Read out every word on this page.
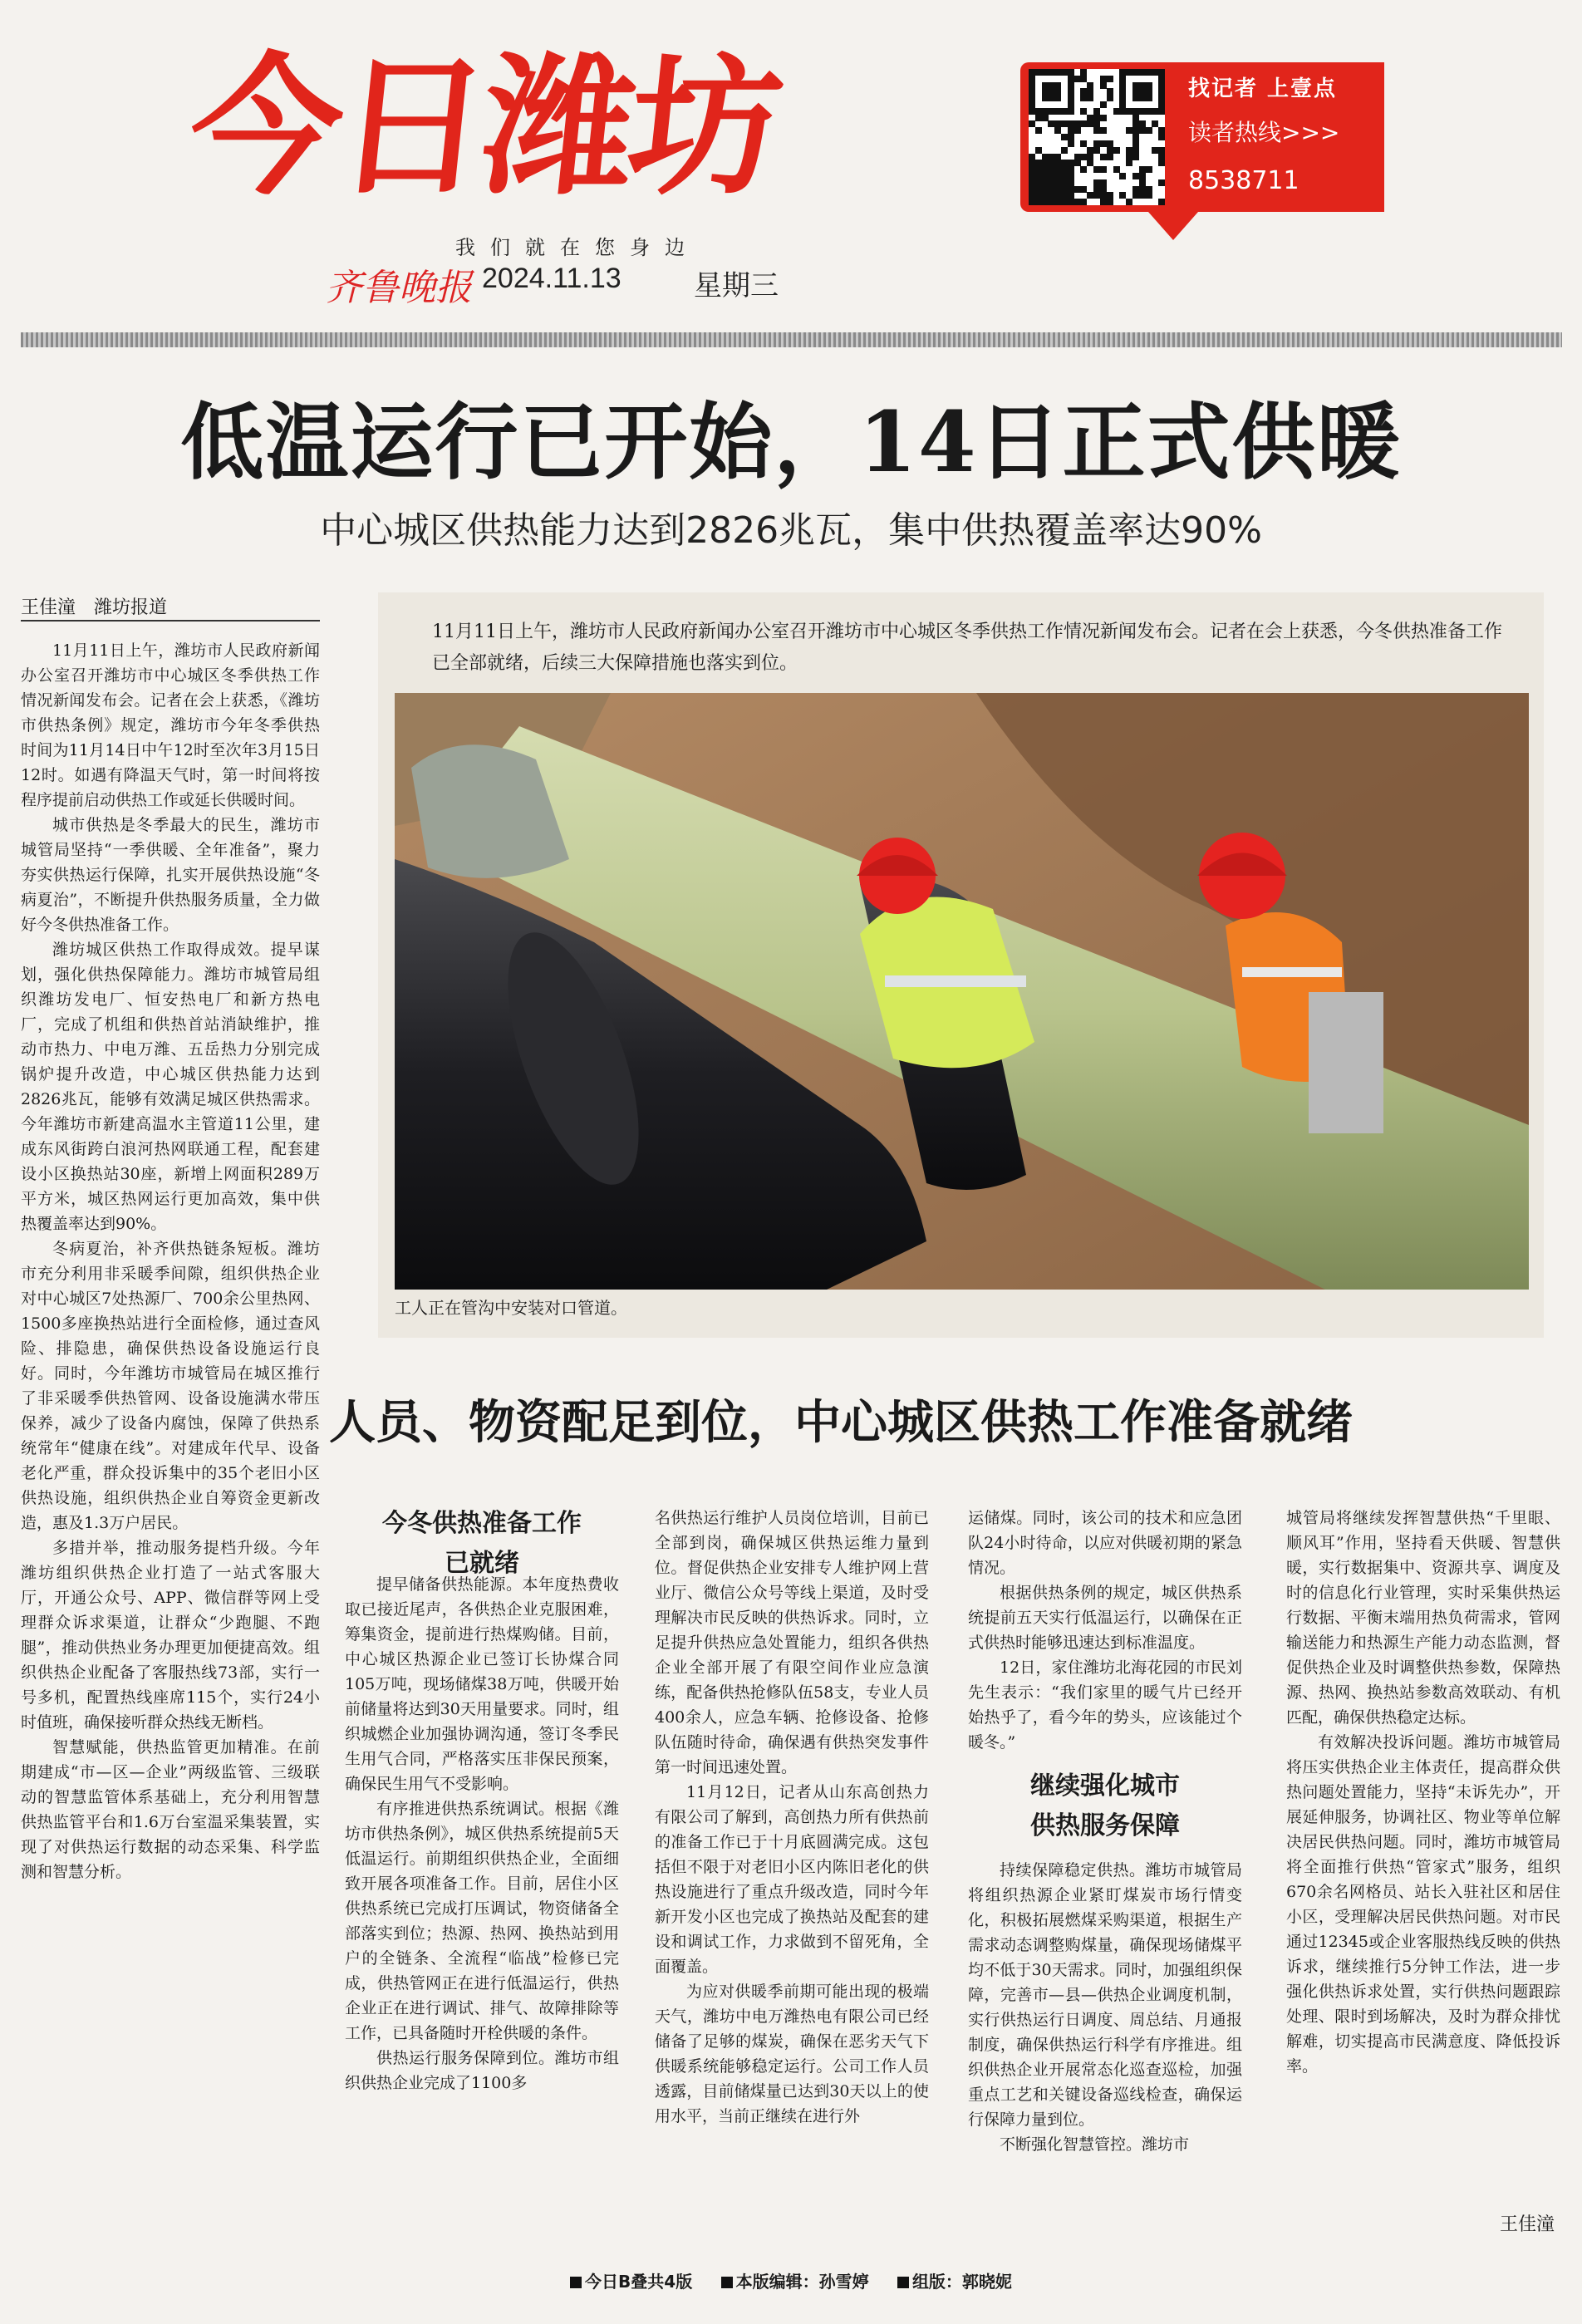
今日潍坊
我们就在您身边
齐鲁晚报 2024.11.13	星期三
找记者 上壹点
读者热线>>>
8538711
低温运行已开始，14日正式供暖
中心城区供热能力达到2826兆瓦，集中供热覆盖率达90%
王佳潼　潍坊报道

11月11日上午，潍坊市人民政府新闻办公室召开潍坊市中心城区冬季供热工作情况新闻发布会。记者在会上获悉，《潍坊市供热条例》规定，潍坊市今年冬季供热时间为11月14日中午12时至次年3月15日12时。如遇有降温天气时，第一时间将按程序提前启动供热工作或延长供暖时间。

城市供热是冬季最大的民生，潍坊市城管局坚持“一季供暖、全年准备”，聚力夯实供热运行保障，扎实开展供热设施“冬病夏治”，不断提升供热服务质量，全力做好今冬供热准备工作。

潍坊城区供热工作取得成效。提早谋划，强化供热保障能力。潍坊市城管局组织潍坊发电厂、恒安热电厂和新方热电厂，完成了机组和供热首站消缺维护，推动市热力、中电万潍、五岳热力分别完成锅炉提升改造，中心城区供热能力达到2826兆瓦，能够有效满足城区供热需求。今年潍坊市新建高温水主管道11公里，建成东风街跨白浪河热网联通工程，配套建设小区换热站30座，新增上网面积289万平方米，城区热网运行更加高效，集中供热覆盖率达到90%。

冬病夏治，补齐供热链条短板。潍坊市充分利用非采暖季间隙，组织供热企业对中心城区7处热源厂、700余公里热网、1500多座换热站进行全面检修，通过查风险、排隐患，确保供热设备设施运行良好。同时，今年潍坊市城管局在城区推行了非采暖季供热管网、设备设施满水带压保养，减少了设备内腐蚀，保障了供热系统常年“健康在线”。对建成年代早、设备老化严重，群众投诉集中的35个老旧小区供热设施，组织供热企业自筹资金更新改造，惠及1.3万户居民。

多措并举，推动服务提档升级。今年潍坊组织供热企业打造了一站式客服大厅，开通公众号、APP、微信群等网上受理群众诉求渠道，让群众“少跑腿、不跑腿”，推动供热业务办理更加便捷高效。组织供热企业配备了客服热线73部，实行一号多机，配置热线座席115个，实行24小时值班，确保接听群众热线无断档。

智慧赋能，供热监管更加精准。在前期建成“市—区—企业”两级监管、三级联动的智慧监管体系基础上，充分利用智慧供热监管平台和1.6万台室温采集装置，实现了对供热运行数据的动态采集、科学监测和智慧分析。

11月11日上午，潍坊市人民政府新闻办公室召开潍坊市中心城区冬季供热工作情况新闻发布会。记者在会上获悉，今冬供热准备工作已全部就绪，后续三大保障措施也落实到位。
工人正在管沟中安装对口管道。
人员、物资配足到位，中心城区供热工作准备就绪
今冬供热准备工作
已就绪

提早储备供热能源。本年度热费收取已接近尾声，各供热企业克服困难，筹集资金，提前进行热煤购储。目前，中心城区热源企业已签订长协煤合同105万吨，现场储煤38万吨，供暖开始前储量将达到30天用量要求。同时，组织城燃企业加强协调沟通，签订冬季民生用气合同，严格落实压非保民预案，确保民生用气不受影响。

有序推进供热系统调试。根据《潍坊市供热条例》，城区供热系统提前5天低温运行。前期组织供热企业，全面细致开展各项准备工作。目前，居住小区供热系统已完成打压调试，物资储备全部落实到位；热源、热网、换热站到用户的全链条、全流程“临战”检修已完成，供热管网正在进行低温运行，供热企业正在进行调试、排气、故障排除等工作，已具备随时开栓供暖的条件。

供热运行服务保障到位。潍坊市组织供热企业完成了1100多

名供热运行维护人员岗位培训，目前已全部到岗，确保城区供热运维力量到位。督促供热企业安排专人维护网上营业厅、微信公众号等线上渠道，及时受理解决市民反映的供热诉求。同时，立足提升供热应急处置能力，组织各供热企业全部开展了有限空间作业应急演练，配备供热抢修队伍58支，专业人员400余人，应急车辆、抢修设备、抢修队伍随时待命，确保遇有供热突发事件第一时间迅速处置。

11月12日，记者从山东高创热力有限公司了解到，高创热力所有供热前的准备工作已于十月底圆满完成。这包括但不限于对老旧小区内陈旧老化的供热设施进行了重点升级改造，同时今年新开发小区也完成了换热站及配套的建设和调试工作，力求做到不留死角，全面覆盖。

为应对供暖季前期可能出现的极端天气，潍坊中电万潍热电有限公司已经储备了足够的煤炭，确保在恶劣天气下供暖系统能够稳定运行。公司工作人员透露，目前储煤量已达到30天以上的使用水平，当前正继续在进行外

运储煤。同时，该公司的技术和应急团队24小时待命，以应对供暖初期的紧急情况。

根据供热条例的规定，城区供热系统提前五天实行低温运行，以确保在正式供热时能够迅速达到标准温度。

12日，家住潍坊北海花园的市民刘先生表示：“我们家里的暖气片已经开始热乎了，看今年的势头，应该能过个暖冬。”

继续强化城市
供热服务保障

持续保障稳定供热。潍坊市城管局将组织热源企业紧盯煤炭市场行情变化，积极拓展燃煤采购渠道，根据生产需求动态调整购煤量，确保现场储煤平均不低于30天需求。同时，加强组织保障，完善市—县—供热企业调度机制，实行供热运行日调度、周总结、月通报制度，确保供热运行科学有序推进。组织供热企业开展常态化巡查巡检，加强重点工艺和关键设备巡线检查，确保运行保障力量到位。

不断强化智慧管控。潍坊市

城管局将继续发挥智慧供热“千里眼、顺风耳”作用，坚持看天供暖、智慧供暖，实行数据集中、资源共享、调度及时的信息化行业管理，实时采集供热运行数据、平衡末端用热负荷需求，管网输送能力和热源生产能力动态监测，督促供热企业及时调整供热参数，保障热源、热网、换热站参数高效联动、有机匹配，确保供热稳定达标。

有效解决投诉问题。潍坊市城管局将压实供热企业主体责任，提高群众供热问题处置能力，坚持“未诉先办”，开展延伸服务，协调社区、物业等单位解决居民供热问题。同时，潍坊市城管局将全面推行供热“管家式”服务，组织670余名网格员、站长入驻社区和居住小区，受理解决居民供热问题。对市民通过12345或企业客服热线反映的供热诉求，继续推行5分钟工作法，进一步强化供热诉求处置，实行供热问题跟踪处理、限时到场解决，及时为群众排忧解难，切实提高市民满意度、降低投诉率。

王佳潼
今日B叠共4版	本版编辑：孙雪婷	组版：郭晓妮
